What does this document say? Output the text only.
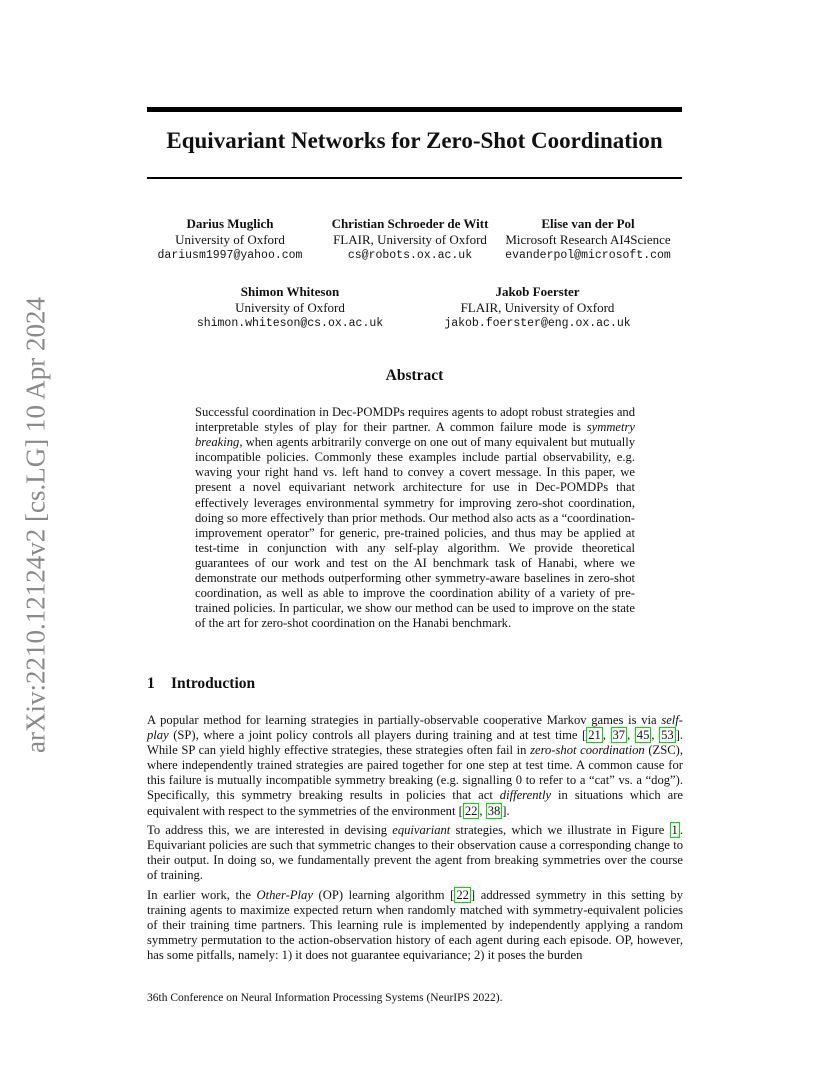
arXiv:2210.12124v2 [cs.LG] 10 Apr 2024
Equivariant Networks for Zero-Shot Coordination
Darius Muglich
University of Oxford
dariusm1997@yahoo.com
Christian Schroeder de Witt
FLAIR, University of Oxford
cs@robots.ox.ac.uk
Elise van der Pol
Microsoft Research AI4Science
evanderpol@microsoft.com
Shimon Whiteson
University of Oxford
shimon.whiteson@cs.ox.ac.uk
Jakob Foerster
FLAIR, University of Oxford
jakob.foerster@eng.ox.ac.uk
Abstract

Successful coordination in Dec-POMDPs requires agents to adopt robust strategies and interpretable styles of play for their partner. A common failure mode is symmetry breaking, when agents arbitrarily converge on one out of many equivalent but mutually incompatible policies. Commonly these examples include partial observability, e.g. waving your right hand vs. left hand to convey a covert message. In this paper, we present a novel equivariant network architecture for use in Dec-POMDPs that effectively leverages environmental symmetry for improving zero-shot coordination, doing so more effectively than prior methods. Our method also acts as a “coordination-improvement operator” for generic, pre-trained policies, and thus may be applied at test-time in conjunction with any self-play algorithm. We provide theoretical guarantees of our work and test on the AI benchmark task of Hanabi, where we demonstrate our methods outperforming other symmetry-aware baselines in zero-shot coordination, as well as able to improve the coordination ability of a variety of pre-trained policies. In particular, we show our method can be used to improve on the state of the art for zero-shot coordination on the Hanabi benchmark.

1 Introduction

A popular method for learning strategies in partially-observable cooperative Markov games is via self-play (SP), where a joint policy controls all players during training and at test time [ 21 , 37 , 45 , 53 ]. While SP can yield highly effective strategies, these strategies often fail in zero-shot coordination (ZSC), where independently trained strategies are paired together for one step at test time. A common cause for this failure is mutually incompatible symmetry breaking (e.g. signalling 0 to refer to a “cat” vs. a “dog”). Specifically, this symmetry breaking results in policies that act differently in situations which are equivalent with respect to the symmetries of the environment [ 22 , 38 ].

To address this, we are interested in devising equivariant strategies, which we illustrate in Figure 1 . Equivariant policies are such that symmetric changes to their observation cause a corresponding change to their output. In doing so, we fundamentally prevent the agent from breaking symmetries over the course of training.

In earlier work, the Other-Play (OP) learning algorithm [ 22 ] addressed symmetry in this setting by training agents to maximize expected return when randomly matched with symmetry-equivalent policies of their training time partners. This learning rule is implemented by independently applying a random symmetry permutation to the action-observation history of each agent during each episode. OP, however, has some pitfalls, namely: 1) it does not guarantee equivariance; 2) it poses the burden

36th Conference on Neural Information Processing Systems (NeurIPS 2022).
